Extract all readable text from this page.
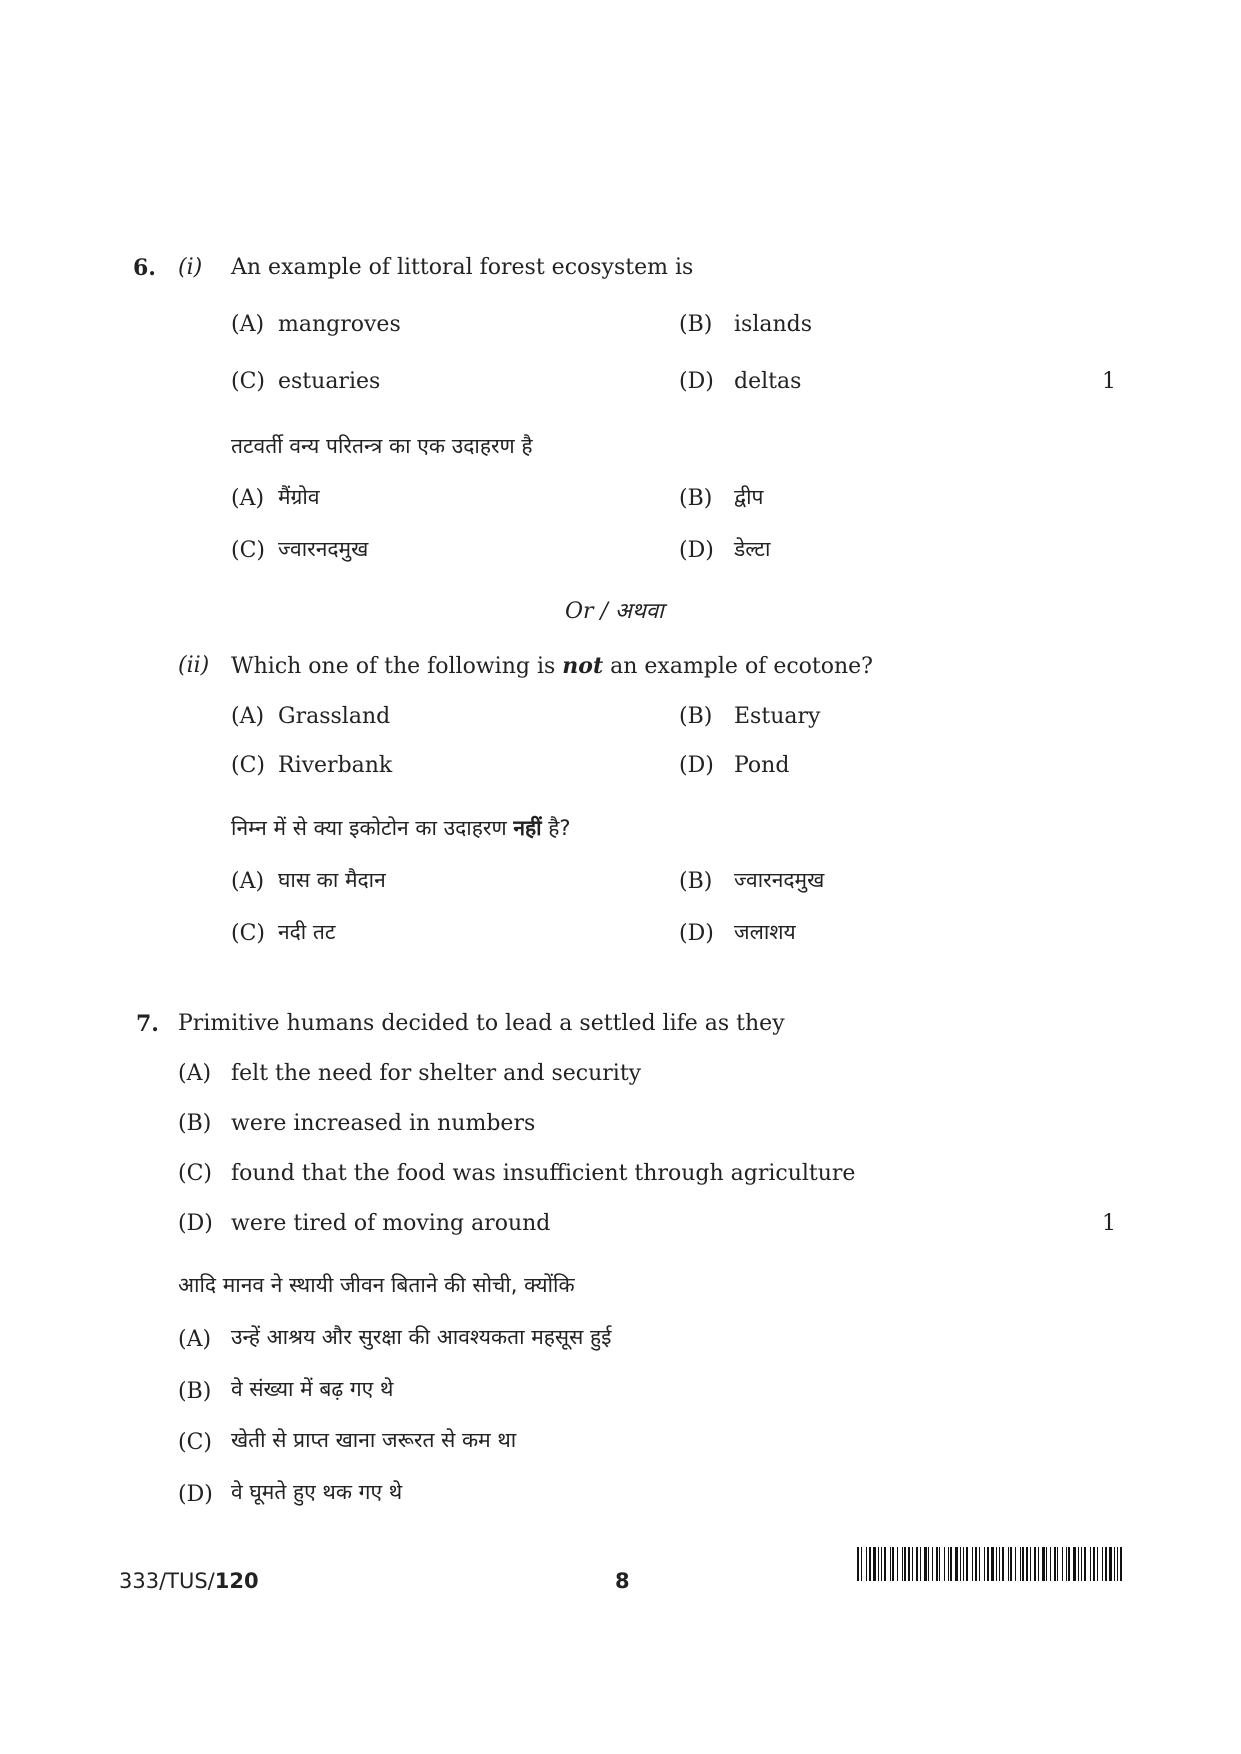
6. (i) An example of littoral forest ecosystem is
(A) mangroves	(B) islands
(C) estuaries	(D) deltas	1
तटवर्ती वन्य परितन्त्र का एक उदाहरण है
(A) मैंग्रोव	(B) द्वीप
(C) ज्वारनदमुख	(D) डेल्टा
Or / अथवा
(ii) Which one of the following is not an example of ecotone?
(A) Grassland	(B) Estuary
(C) Riverbank	(D) Pond
निम्न में से क्या इकोटोन का उदाहरण नहीं है?
(A) घास का मैदान	(B) ज्वारनदमुख
(C) नदी तट	(D) जलाशय
7. Primitive humans decided to lead a settled life as they
(A) felt the need for shelter and security
(B) were increased in numbers
(C) found that the food was insufficient through agriculture
(D) were tired of moving around	1
आदि मानव ने स्थायी जीवन बिताने की सोची, क्योंकि
(A) उन्हें आश्रय और सुरक्षा की आवश्यकता महसूस हुई
(B) वे संख्या में बढ़ गए थे
(C) खेती से प्राप्त खाना जरूरत से कम था
(D) वे घूमते हुए थक गए थे
333/TUS/120	8
